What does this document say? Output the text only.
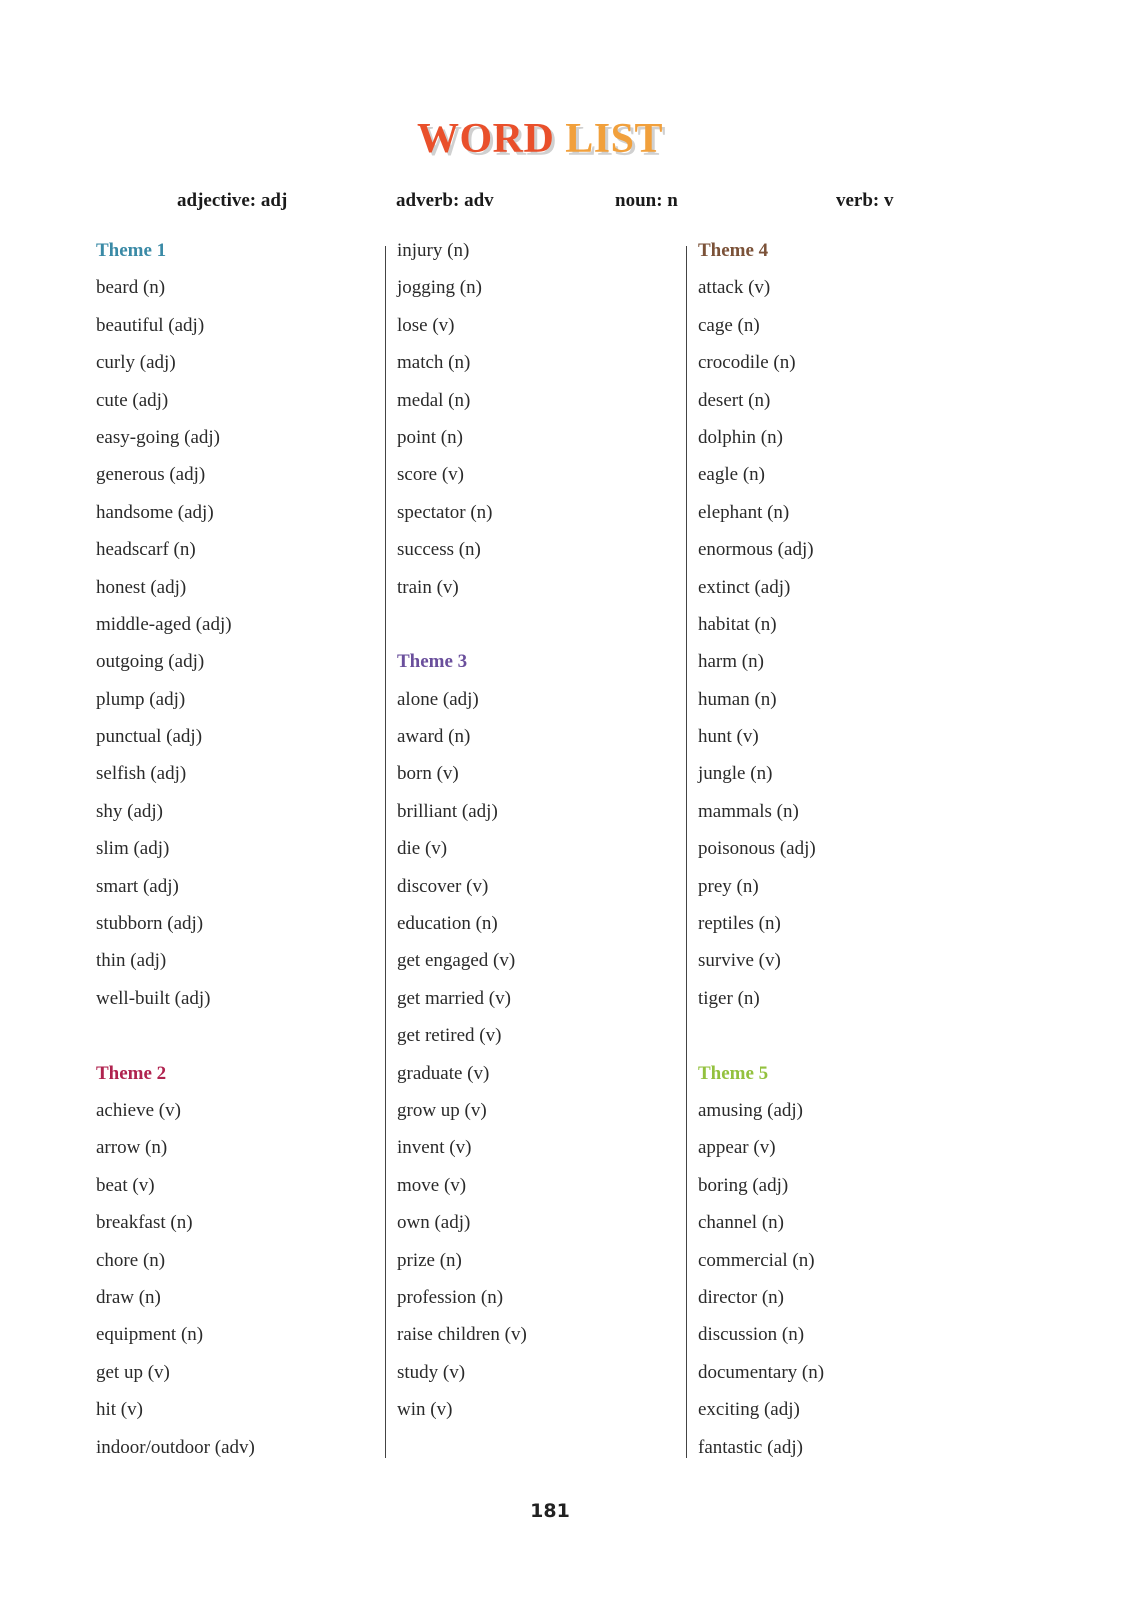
WORD LIST
adjective: adj	adverb: adv	noun: n	verb: v
Theme 1
beard (n)
beautiful (adj)
curly (adj)
cute (adj)
easy-going (adj)
generous (adj)
handsome (adj)
headscarf (n)
honest (adj)
middle-aged (adj)
outgoing (adj)
plump (adj)
punctual (adj)
selfish (adj)
shy (adj)
slim (adj)
smart (adj)
stubborn (adj)
thin (adj)
well-built (adj)
Theme 2
achieve (v)
arrow (n)
beat (v)
breakfast (n)
chore (n)
draw (n)
equipment (n)
get up (v)
hit (v)
indoor/outdoor (adv)
injury (n)
jogging (n)
lose (v)
match (n)
medal (n)
point (n)
score (v)
spectator (n)
success (n)
train (v)
Theme 3
alone (adj)
award (n)
born (v)
brilliant (adj)
die (v)
discover (v)
education (n)
get engaged (v)
get married (v)
get retired (v)
graduate (v)
grow up (v)
invent (v)
move (v)
own (adj)
prize (n)
profession (n)
raise children (v)
study (v)
win (v)
Theme 4
attack (v)
cage (n)
crocodile (n)
desert (n)
dolphin (n)
eagle (n)
elephant (n)
enormous (adj)
extinct (adj)
habitat (n)
harm (n)
human (n)
hunt (v)
jungle (n)
mammals (n)
poisonous (adj)
prey (n)
reptiles (n)
survive (v)
tiger (n)
Theme 5
amusing (adj)
appear (v)
boring (adj)
channel (n)
commercial (n)
director (n)
discussion (n)
documentary (n)
exciting (adj)
fantastic (adj)
181
